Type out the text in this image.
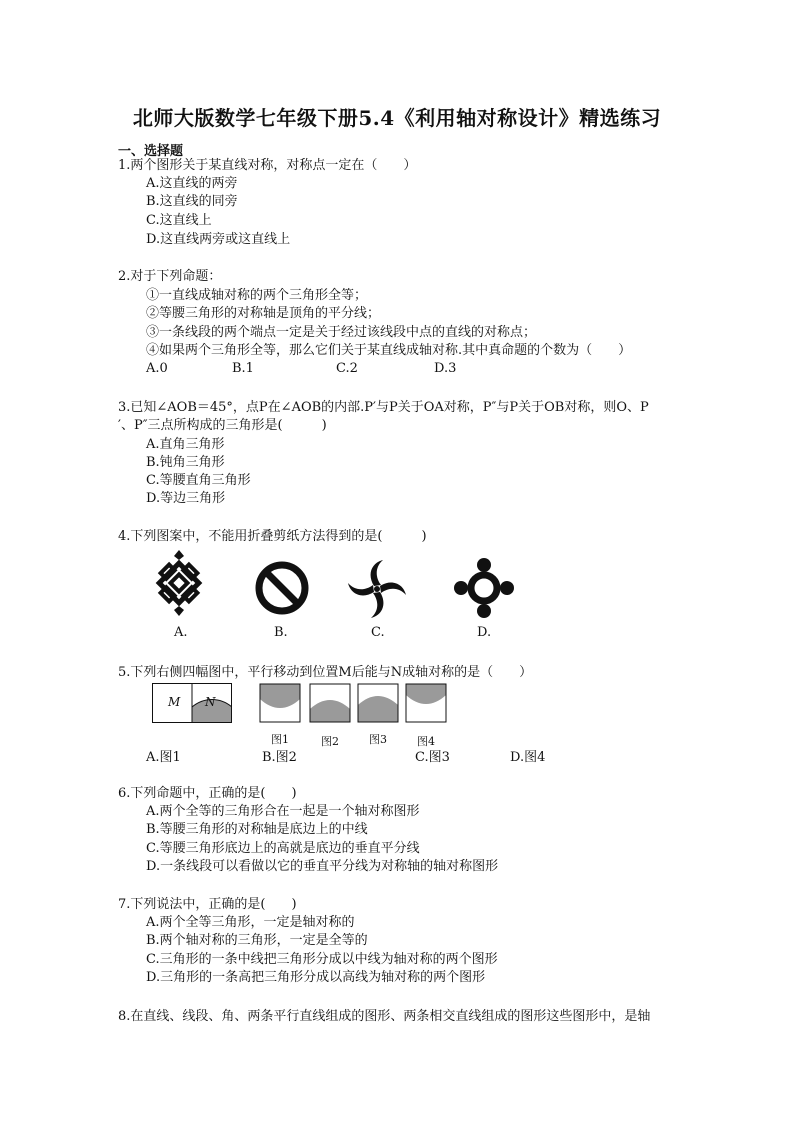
北师大版数学七年级下册5.4《利用轴对称设计》精选练习
一、选择题
1.两个图形关于某直线对称，对称点一定在（　　）
A.这直线的两旁
B.这直线的同旁
C.这直线上
D.这直线两旁或这直线上
2.对于下列命题：
①一直线成轴对称的两个三角形全等；
②等腰三角形的对称轴是顶角的平分线；
③一条线段的两个端点一定是关于经过该线段中点的直线的对称点；
④如果两个三角形全等，那么它们关于某直线成轴对称.其中真命题的个数为（　　）
A.0	B.1	C.2	D.3
3.已知∠AOB＝45°，点P在∠AOB的内部.P′与P关于OA对称，P″与P关于OB对称，则O、P
′、P″三点所构成的三角形是(　　　)
A.直角三角形
B.钝角三角形
C.等腰直角三角形
D.等边三角形
4.下列图案中，不能用折叠剪纸方法得到的是(　　　)
A.	B.	C.	D.
5.下列右侧四幅图中，平行移动到位置M后能与N成轴对称的是（　　）
M N
图1	图2	图3	图4
A.图1	B.图2	C.图3	D.图4
6.下列命题中，正确的是(　　)
A.两个全等的三角形合在一起是一个轴对称图形
B.等腰三角形的对称轴是底边上的中线
C.等腰三角形底边上的高就是底边的垂直平分线
D.一条线段可以看做以它的垂直平分线为对称轴的轴对称图形
7.下列说法中，正确的是(　　)
A.两个全等三角形，一定是轴对称的
B.两个轴对称的三角形，一定是全等的
C.三角形的一条中线把三角形分成以中线为轴对称的两个图形
D.三角形的一条高把三角形分成以高线为轴对称的两个图形
8.在直线、线段、角、两条平行直线组成的图形、两条相交直线组成的图形这些图形中，是轴
